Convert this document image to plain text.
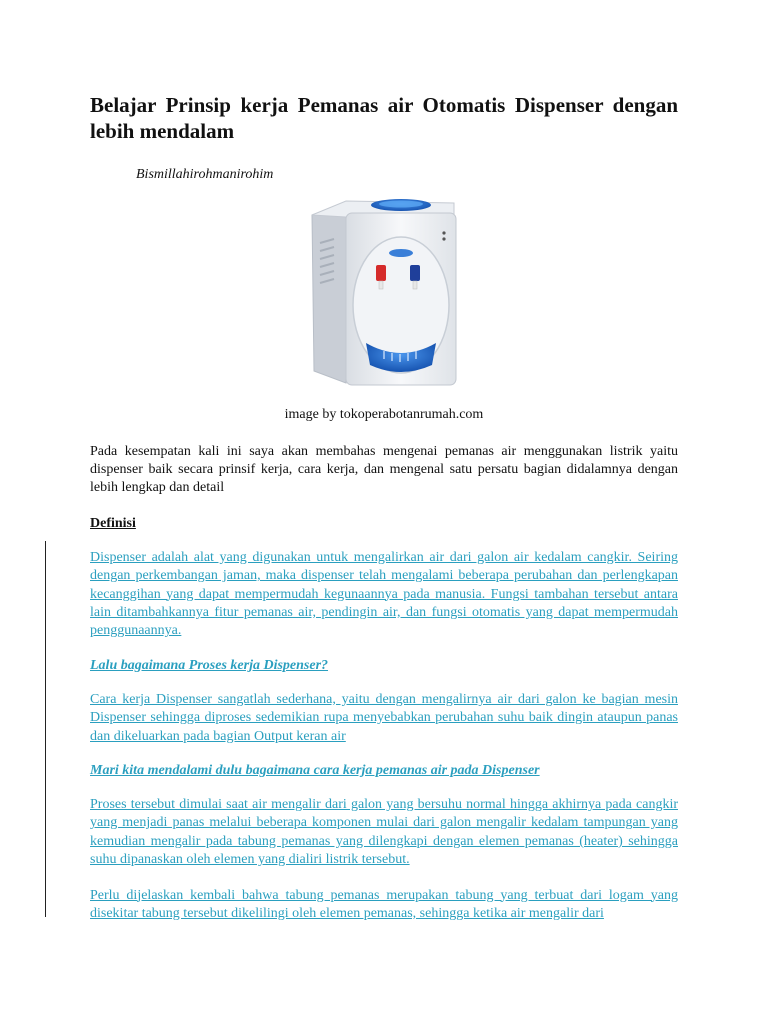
Belajar Prinsip kerja Pemanas air Otomatis Dispenser dengan lebih mendalam

Bismillahirohmanirohim

image by tokoperabotanrumah.com

Pada kesempatan kali ini saya akan membahas mengenai pemanas air menggunakan listrik yaitu dispenser baik secara prinsif kerja, cara kerja, dan mengenal satu persatu bagian didalamnya dengan lebih lengkap dan detail

Definisi

Dispenser adalah alat yang digunakan untuk mengalirkan air dari galon air kedalam cangkir. Seiring dengan perkembangan jaman, maka dispenser telah mengalami beberapa perubahan dan perlengkapan kecanggihan yang dapat mempermudah kegunaannya pada manusia. Fungsi tambahan tersebut antara lain ditambahkannya fitur pemanas air, pendingin air, dan fungsi otomatis yang dapat mempermudah penggunaannya.

Lalu bagaimana Proses kerja Dispenser?

Cara kerja Dispenser sangatlah sederhana, yaitu dengan mengalirnya air dari galon ke bagian mesin Dispenser sehingga diproses sedemikian rupa menyebabkan perubahan suhu baik dingin ataupun panas dan dikeluarkan pada bagian Output keran air

Mari kita mendalami dulu bagaimana cara kerja pemanas air pada Dispenser

Proses tersebut dimulai saat air mengalir dari galon yang bersuhu normal hingga akhirnya pada cangkir yang menjadi panas melalui beberapa komponen mulai dari galon mengalir kedalam tampungan yang kemudian mengalir pada tabung pemanas yang dilengkapi dengan elemen pemanas (heater) sehingga suhu dipanaskan oleh elemen yang dialiri listrik tersebut.

Perlu dijelaskan kembali bahwa tabung pemanas merupakan tabung yang terbuat dari logam yang disekitar tabung tersebut dikelilingi oleh elemen pemanas, sehingga ketika air mengalir dari
